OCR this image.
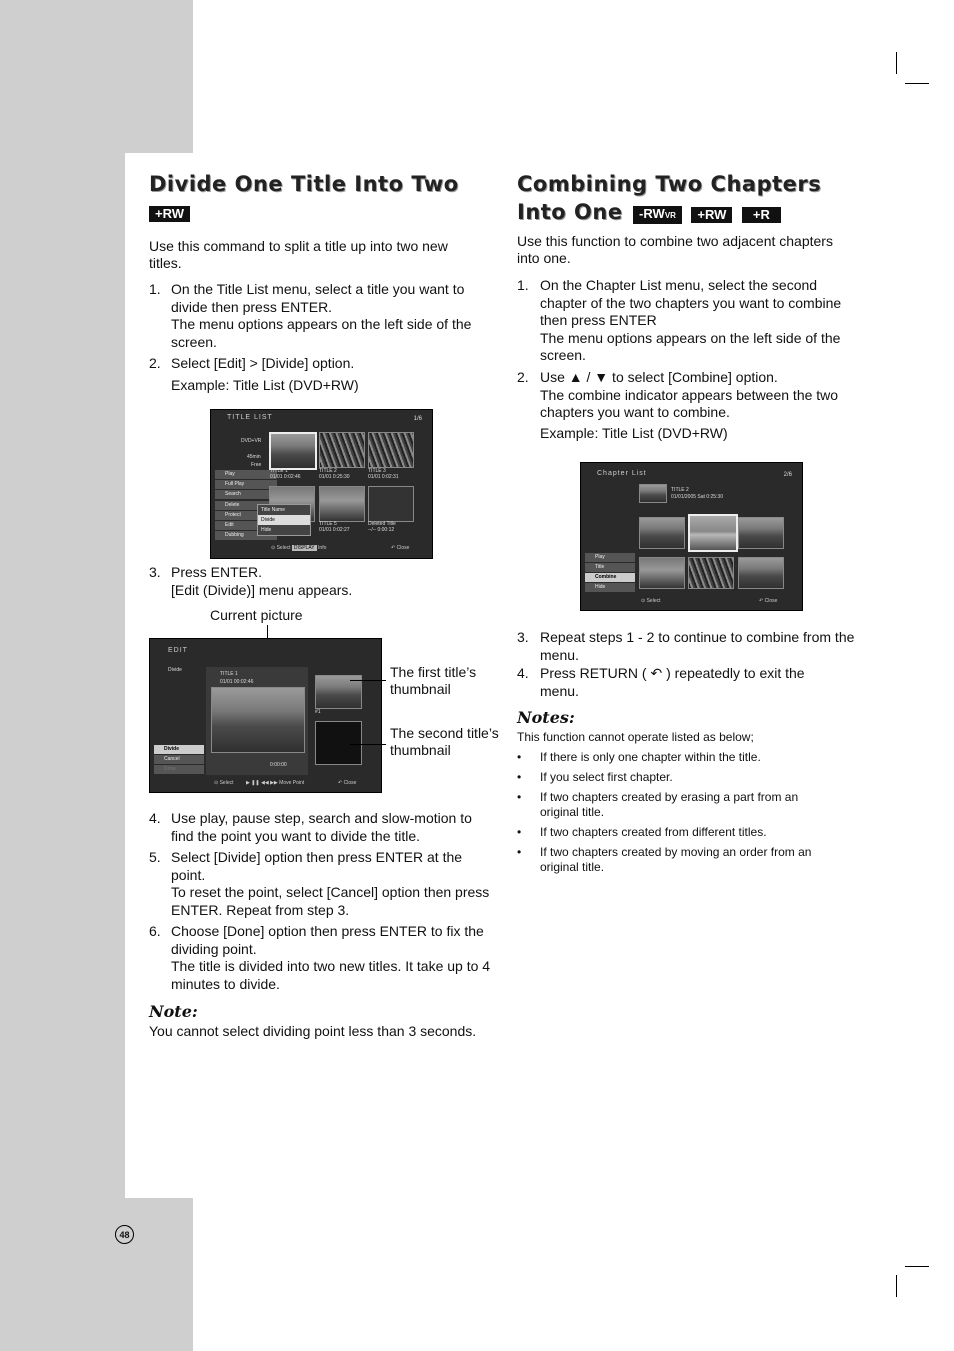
Divide One Title Into Two
+RW

Use this command to split a title up into two new titles.

1. On the Title List menu, select a title you want to divide then press ENTER.
The menu options appears on the left side of the screen.
2. Select [Edit] > [Divide] option.
Example: Title List (DVD+RW)
TITLE LIST	1/6
DVD+VR
45min
Free
Play
Full Play
Search
Delete
Protect
Edit
Dubbing
TITLE 1
01/01 0:02:46
TITLE 2
01/01 0:25:30
TITLE 3
01/01 0:02:31
TITLE 5
01/01 0:02:27
Deleted Title
--/-- 0:00:12
Title Name
Divide
Hide
⊙ Select DISPLAY Info	↶ Close
3. Press ENTER.
[Edit (Divide)] menu appears.
Current picture
EDIT
Divide
TITLE 1
01/01 00:02:46
0:00:00
#1
Divide
Cancel
Done
⊙ Select	▶ ❚❚ ◀◀ ▶▶ Move Point	↶ Close
The first title’s thumbnail
The second title’s thumbnail
4. Use play, pause step, search and slow-motion to find the point you want to divide the title.
5. Select [Divide] option then press ENTER at the point.
To reset the point, select [Cancel] option then press ENTER. Repeat from step 3.
6. Choose [Done] option then press ENTER to fix the dividing point.
The title is divided into two new titles. It take up to 4 minutes to divide.
Note:

You cannot select dividing point less than 3 seconds.

Combining Two Chapters
Into One -RWVR +RW +R

Use this function to combine two adjacent chapters into one.

1. On the Chapter List menu, select the second chapter of the two chapters you want to combine then press ENTER
The menu options appears on the left side of the screen.
2. Use ▲ / ▼ to select [Combine] option.
The combine indicator appears between the two chapters you want to combine.
Example: Title List (DVD+RW)
Chapter List	2/6
TITLE 2
01/01/2005 Sat 0:25:30
Play
Title
Combine
Hide
⊙ Select	↶ Close
3. Repeat steps 1 - 2 to continue to combine from the menu.
4. Press RETURN ( ↶ ) repeatedly to exit the menu.
Notes:
This function cannot operate listed as below;
• If there is only one chapter within the title.
• If you select first chapter.
• If two chapters created by erasing a part from an original title.
• If two chapters created from different titles.
• If two chapters created by moving an order from an original title.
48
